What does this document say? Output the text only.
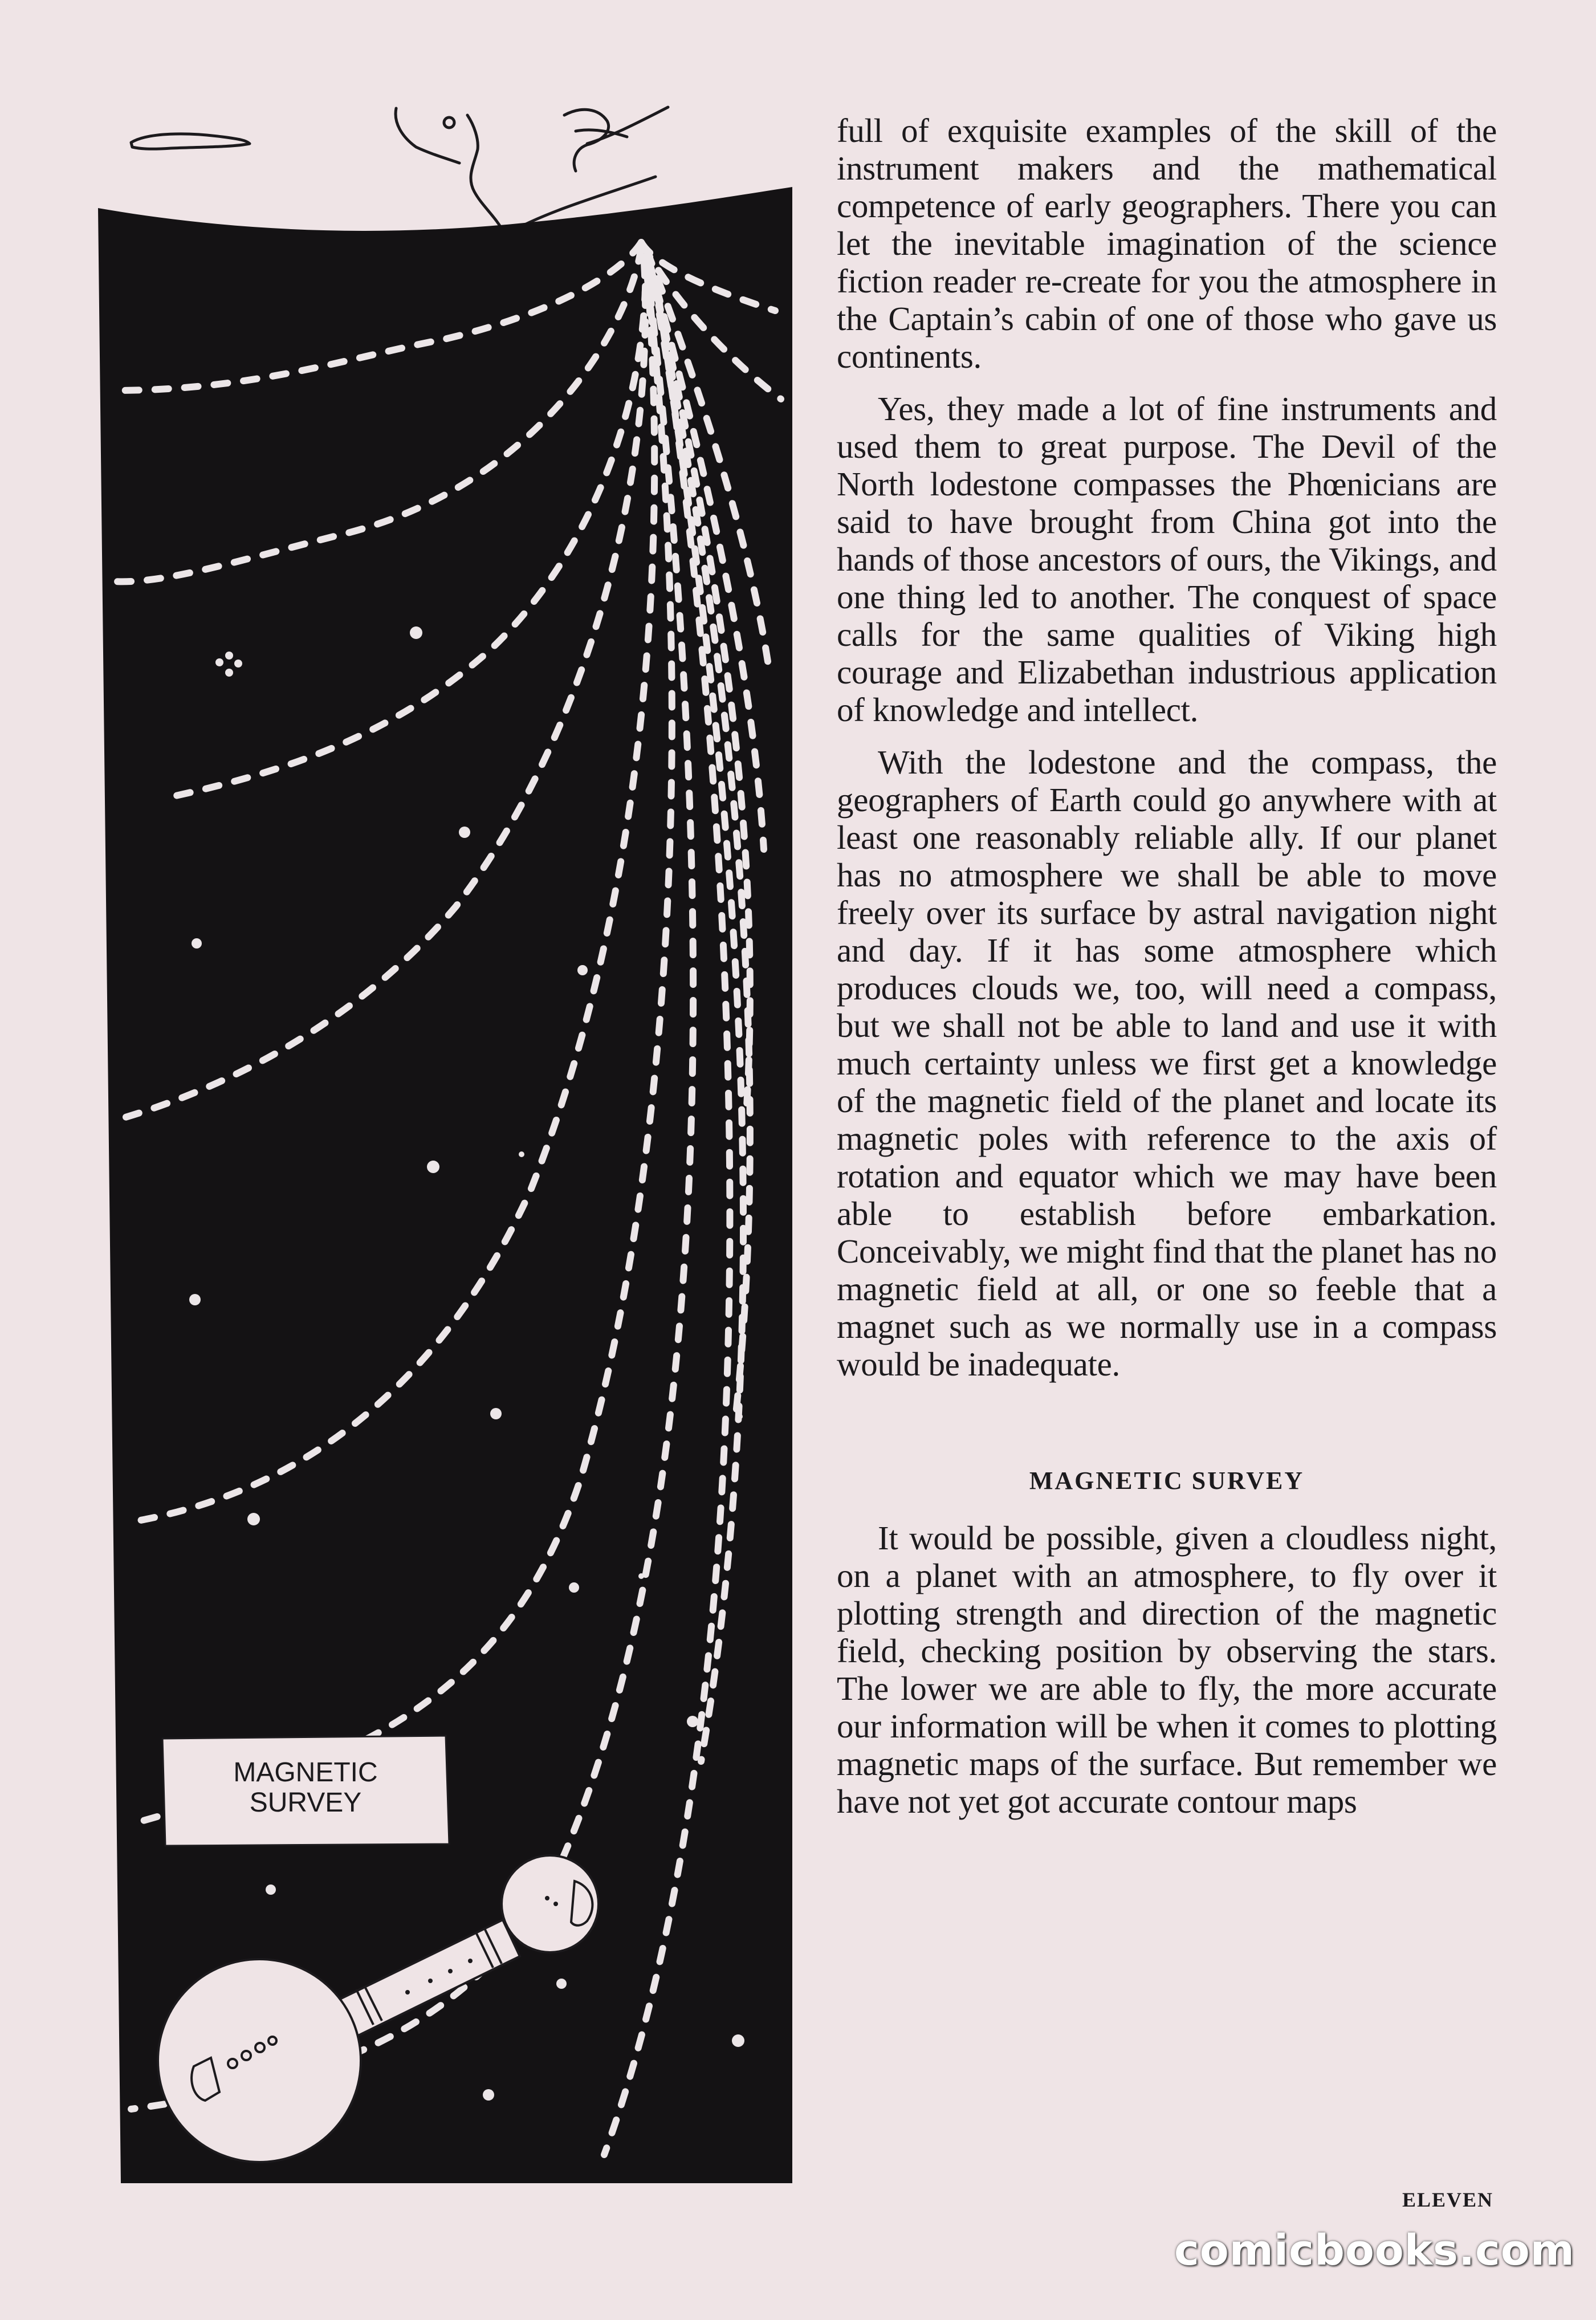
MAGNETIC
SURVEY

full of exquisite examples of the skill of the instrument makers and the mathematical competence of early geographers. There you can let the inevitable imagination of the science fiction reader re-create for you the atmosphere in the Captain’s cabin of one of those who gave us continents.

Yes, they made a lot of fine instruments and used them to great purpose. The Devil of the North lodestone compasses the Phœnicians are said to have brought from China got into the hands of those ancestors of ours, the Vikings, and one thing led to another. The conquest of space calls for the same qualities of Viking high courage and Elizabethan industrious application of knowledge and intellect.

With the lodestone and the compass, the geographers of Earth could go anywhere with at least one reasonably reliable ally. If our planet has no atmosphere we shall be able to move freely over its surface by astral navigation night and day. If it has some atmosphere which produces clouds we, too, will need a compass, but we shall not be able to land and use it with much certainty unless we first get a knowledge of the magnetic field of the planet and locate its magnetic poles with reference to the axis of rotation and equator which we may have been able to establish before embarkation. Conceivably, we might find that the planet has no magnetic field at all, or one so feeble that a magnet such as we normally use in a compass would be inadequate.

MAGNETIC SURVEY

It would be possible, given a cloudless night, on a planet with an atmosphere, to fly over it plotting strength and direction of the magnetic field, checking position by observing the stars. The lower we are able to fly, the more accurate our information will be when it comes to plotting magnetic maps of the surface. But remember we have not yet got accurate contour maps

ELEVEN
comicbooks.com
